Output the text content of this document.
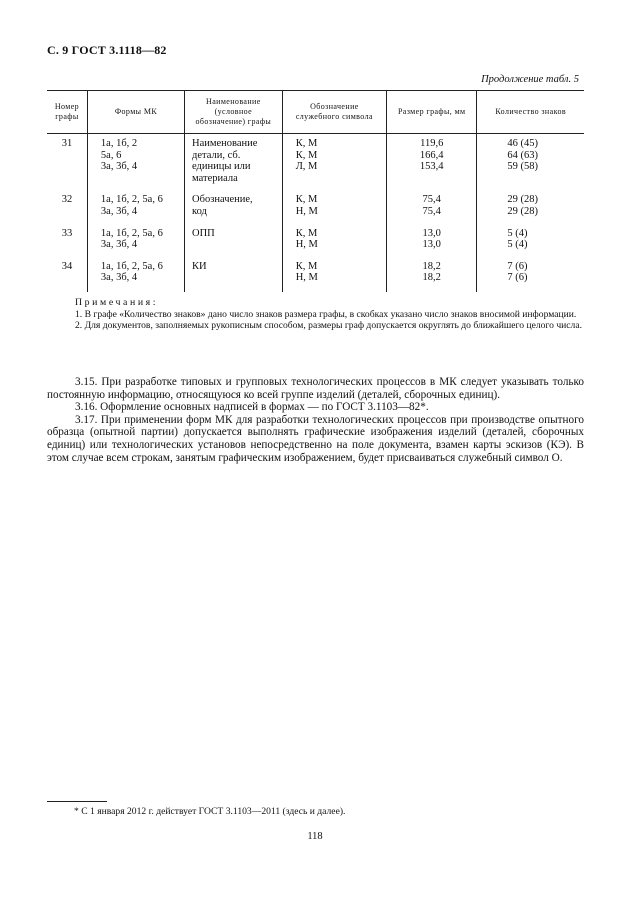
С. 9 ГОСТ 3.1118—82
Продолжение табл. 5
Номер
графы	Формы МК	Наименование
(условное
обозначение) графы	Обозначение
служебного символа	Размер графы, мм	Количество знаков

31	1а, 1б, 2
5а, 6
3а, 3б, 4	Наименование
детали, сб.
единицы или
материала	К, М
К, М
Л, М	119,6
166,4
153,4	46 (45)
64 (63)
59 (58)

32	1а, 1б, 2, 5а, 6
3а, 3б, 4	Обозначение,
код	К, М
Н, М	75,4
75,4	29 (28)
29 (28)

33	1а, 1б, 2, 5а, 6
3а, 3б, 4	ОПП	К, М
Н, М	13,0
13,0	5 (4)
5 (4)

34	1а, 1б, 2, 5а, 6
3а, 3б, 4	КИ	К, М
Н, М	18,2
18,2	7 (6)
7 (6)
Примечания:

1. В графе «Количество знаков» дано число знаков размера графы, в скобках указано число знаков вносимой информации.

2. Для документов, заполняемых рукописным способом, размеры граф допускается округлять до ближайшего целого числа.

3.15. При разработке типовых и групповых технологических процессов в МК следует указывать только постоянную информацию, относящуюся ко всей группе изделий (деталей, сборочных единиц).

3.16. Оформление основных надписей в формах — по ГОСТ 3.1103—82*.

3.17. При применении форм МК для разработки технологических процессов при производстве опытного образца (опытной партии) допускается выполнять графические изображения изделий (деталей, сборочных единиц) или технологических установов непосредственно на поле документа, взамен карты эскизов (КЭ). В этом случае всем строкам, занятым графическим изображением, будет присваиваться служебный символ О.

* С 1 января 2012 г. действует ГОСТ 3.1103—2011 (здесь и далее).
118
